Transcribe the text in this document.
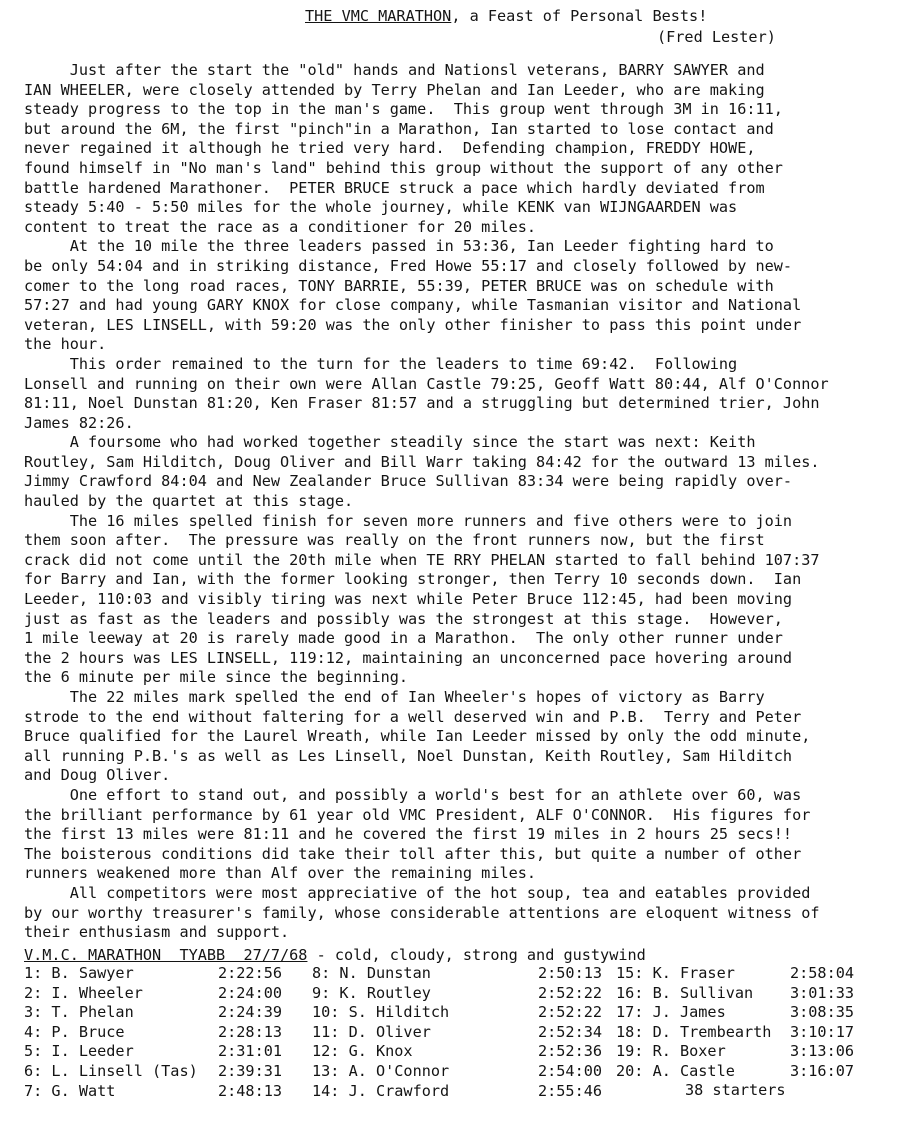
THE VMC MARATHON, a Feast of Personal Bests!
(Fred Lester)
Just after the start the "old" hands and Nationsl veterans, BARRY SAWYER and
IAN WHEELER, were closely attended by Terry Phelan and Ian Leeder, who are making
steady progress to the top in the man's game.  This group went through 3M in 16:11,
but around the 6M, the first "pinch"in a Marathon, Ian started to lose contact and
never regained it although he tried very hard.  Defending champion, FREDDY HOWE,
found himself in "No man's land" behind this group without the support of any other
battle hardened Marathoner.  PETER BRUCE struck a pace which hardly deviated from
steady 5:40 - 5:50 miles for the whole journey, while KENK van WIJNGAARDEN was
content to treat the race as a conditioner for 20 miles.
At the 10 mile the three leaders passed in 53:36, Ian Leeder fighting hard to
be only 54:04 and in striking distance, Fred Howe 55:17 and closely followed by new-
comer to the long road races, TONY BARRIE, 55:39, PETER BRUCE was on schedule with
57:27 and had young GARY KNOX for close company, while Tasmanian visitor and National
veteran, LES LINSELL, with 59:20 was the only other finisher to pass this point under
the hour.
This order remained to the turn for the leaders to time 69:42.  Following
Lonsell and running on their own were Allan Castle 79:25, Geoff Watt 80:44, Alf O'Connor
81:11, Noel Dunstan 81:20, Ken Fraser 81:57 and a struggling but determined trier, John
James 82:26.
A foursome who had worked together steadily since the start was next: Keith
Routley, Sam Hilditch, Doug Oliver and Bill Warr taking 84:42 for the outward 13 miles.
Jimmy Crawford 84:04 and New Zealander Bruce Sullivan 83:34 were being rapidly over-
hauled by the quartet at this stage.
The 16 miles spelled finish for seven more runners and five others were to join
them soon after.  The pressure was really on the front runners now, but the first
crack did not come until the 20th mile when TE RRY PHELAN started to fall behind 107:37
for Barry and Ian, with the former looking stronger, then Terry 10 seconds down.  Ian
Leeder, 110:03 and visibly tiring was next while Peter Bruce 112:45, had been moving
just as fast as the leaders and possibly was the strongest at this stage.  However,
1 mile leeway at 20 is rarely made good in a Marathon.  The only other runner under
the 2 hours was LES LINSELL, 119:12, maintaining an unconcerned pace hovering around
the 6 minute per mile since the beginning.
The 22 miles mark spelled the end of Ian Wheeler's hopes of victory as Barry
strode to the end without faltering for a well deserved win and P.B.  Terry and Peter
Bruce qualified for the Laurel Wreath, while Ian Leeder missed by only the odd minute,
all running P.B.'s as well as Les Linsell, Noel Dunstan, Keith Routley, Sam Hilditch
and Doug Oliver.
One effort to stand out, and possibly a world's best for an athlete over 60, was
the brilliant performance by 61 year old VMC President, ALF O'CONNOR.  His figures for
the first 13 miles were 81:11 and he covered the first 19 miles in 2 hours 25 secs!!
The boisterous conditions did take their toll after this, but quite a number of other
runners weakened more than Alf over the remaining miles.
All competitors were most appreciative of the hot soup, tea and eatables provided
by our worthy treasurer's family, whose considerable attentions are eloquent witness of
their enthusiasm and support.
V.M.C. MARATHON  TYABB  27/7/68 - cold, cloudy, strong and gustywind
1: B. Sawyer	2:22:56 8: N. Dunstan	2:50:13 15: K. Fraser	2:58:04
2: I. Wheeler	2:24:00 9: K. Routley	2:52:22 16: B. Sullivan 3:01:33
3: T. Phelan	2:24:39 10: S. Hilditch	2:52:22 17: J. James	3:08:35
4: P. Bruce	2:28:13 11: D. Oliver	2:52:34 18: D. Trembearth 3:10:17
5: I. Leeder	2:31:01 12: G. Knox	2:52:36 19: R. Boxer	3:13:06
6: L. Linsell (Tas) 2:39:31 13: A. O'Connor	2:54:00 20: A. Castle	3:16:07
7: G. Watt	2:48:13 14: J. Crawford	2:55:46	38 starters
